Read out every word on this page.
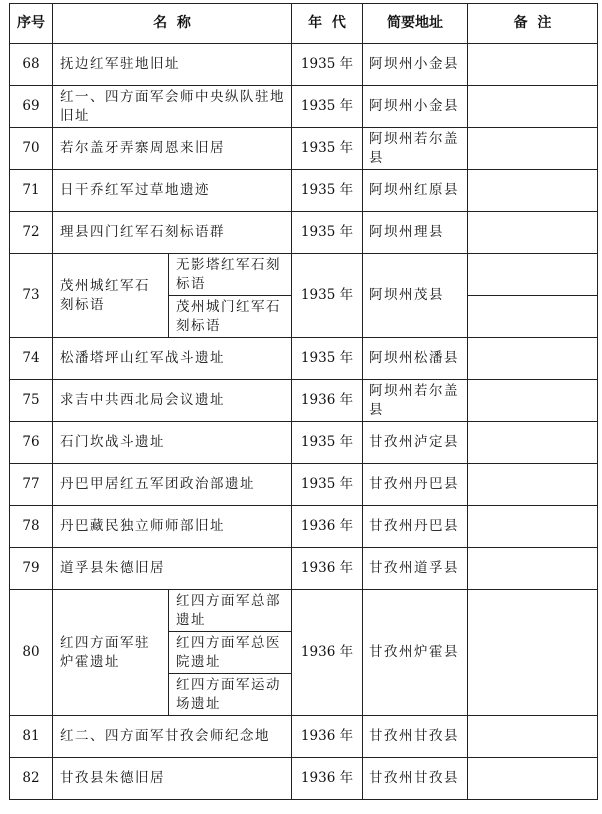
序号	名  称		年  代	简要地址	备  注
68	抚边红军驻地旧址		1935 年	阿坝州小金县	
69	红一、四方面军会师中央纵队驻地旧址		1935 年	阿坝州小金县	
70	若尔盖牙弄寨周恩来旧居		1935 年	阿坝州若尔盖县	
71	日干乔红军过草地遗迹		1935 年	阿坝州红原县	
72	理县四门红军石刻标语群		1935 年	阿坝州理县	
73	茂州城红军石刻标语	无影塔红军石刻标语	1935 年	阿坝州茂县	
		茂州城门红军石刻标语			
74	松潘塔坪山红军战斗遗址		1935 年	阿坝州松潘县	
75	求吉中共西北局会议遗址		1936 年	阿坝州若尔盖县	
76	石门坎战斗遗址		1935 年	甘孜州泸定县	
77	丹巴甲居红五军团政治部遗址		1935 年	甘孜州丹巴县	
78	丹巴藏民独立师师部旧址		1936 年	甘孜州丹巴县	
79	道孚县朱德旧居		1936 年	甘孜州道孚县	
80	红四方面军驻炉霍遗址	红四方面军总部遗址	1936 年	甘孜州炉霍县	
		红四方面军总医院遗址			
		红四方面军运动场遗址			
81	红二、四方面军甘孜会师纪念地		1936 年	甘孜州甘孜县	
82	甘孜县朱德旧居		1936 年	甘孜州甘孜县	
